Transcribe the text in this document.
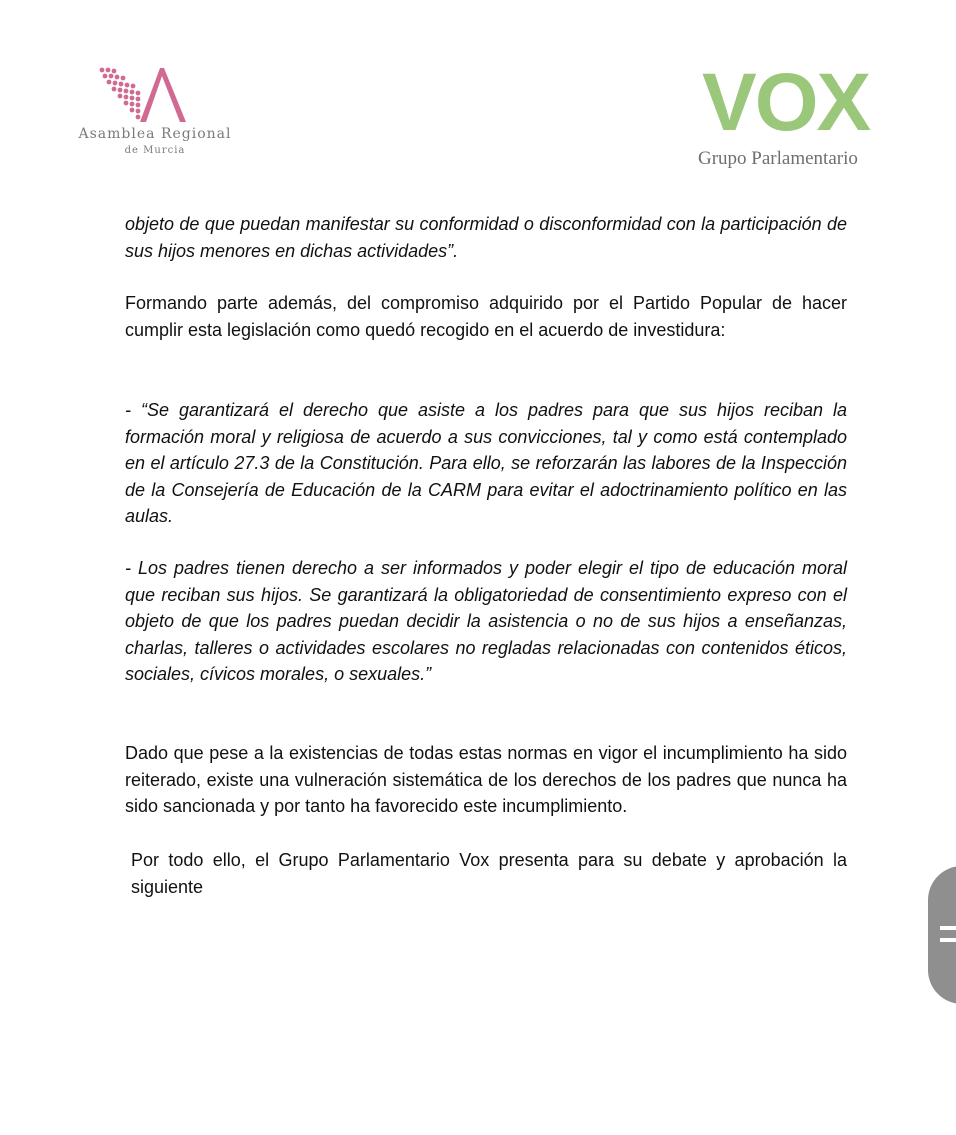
Asamblea Regional
de Murcia
VOX
Grupo Parlamentario

objeto de que puedan manifestar su conformidad o disconformidad con la participación de sus hijos menores en dichas actividades”.

Formando parte además, del compromiso adquirido por el Partido Popular de hacer cumplir esta legislación como quedó recogido en el acuerdo de investidura:

- “Se garantizará el derecho que asiste a los padres para que sus hijos reciban la formación moral y religiosa de acuerdo a sus convicciones, tal y como está contemplado en el artículo 27.3 de la Constitución. Para ello, se reforzarán las labores de la Inspección de la Consejería de Educación de la CARM para evitar el adoctrinamiento político en las aulas.

- Los padres tienen derecho a ser informados y poder elegir el tipo de educación moral que reciban sus hijos. Se garantizará la obligatoriedad de consentimiento expreso con el objeto de que los padres puedan decidir la asistencia o no de sus hijos a enseñanzas, charlas, talleres o actividades escolares no regladas relacionadas con contenidos éticos, sociales, cívicos morales, o sexuales.”

Dado que pese a la existencias de todas estas normas en vigor el incumplimiento ha sido reiterado, existe una vulneración sistemática de los derechos de los padres que nunca ha sido sancionada y por tanto ha favorecido este incumplimiento.

Por todo ello, el Grupo Parlamentario Vox presenta para su debate y aprobación la siguiente
